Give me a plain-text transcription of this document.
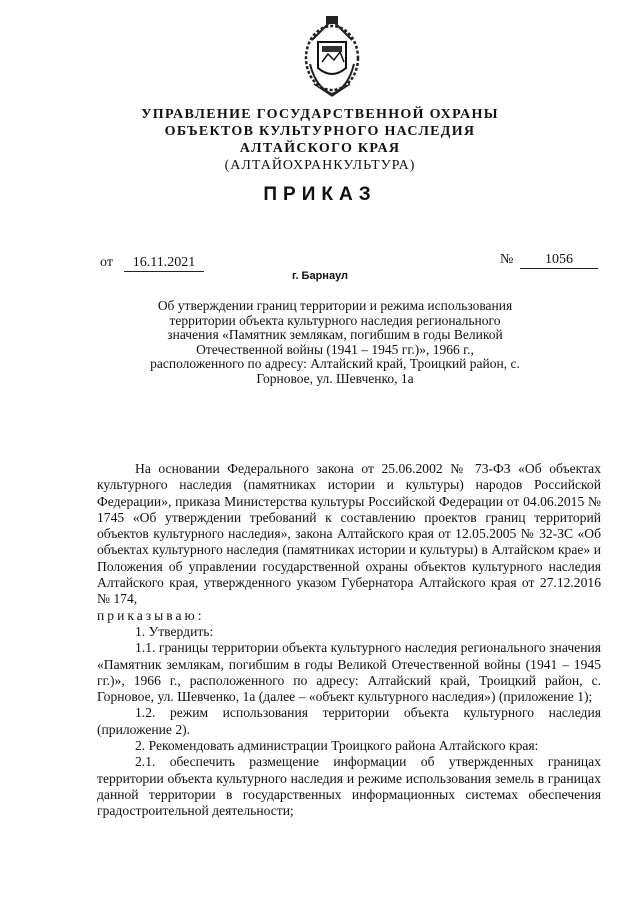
УПРАВЛЕНИЕ ГОСУДАРСТВЕННОЙ ОХРАНЫ
ОБЪЕКТОВ КУЛЬТУРНОГО НАСЛЕДИЯ
АЛТАЙСКОГО КРАЯ
(АЛТАЙОХРАНКУЛЬТУРА)
ПРИКАЗ
от	16.11.2021	№	1056
г. Барнаул
Об утверждении границ территории и режима использования территории объекта культурного наследия регионального значения «Памятник землякам, погибшим в годы Великой Отечественной войны (1941 – 1945 гг.)», 1966 г., расположенного по адресу: Алтайский край, Троицкий район, с. Горновое, ул. Шевченко, 1а

На основании Федерального закона от 25.06.2002 № 73-ФЗ «Об объектах культурного наследия (памятниках истории и культуры) народов Российской Федерации», приказа Министерства культуры Российской Федерации от 04.06.2015 № 1745 «Об утверждении требований к составлению проектов границ территорий объектов культурного наследия», закона Алтайского края от 12.05.2005 № 32-ЗС «Об объектах культурного наследия (памятниках истории и культуры) в Алтайском крае» и Положения об управлении государственной охраны объектов культурного наследия Алтайского края, утвержденного указом Губернатора Алтайского края от 27.12.2016 № 174,

приказываю:

1. Утвердить:

1.1. границы территории объекта культурного наследия регионального значения «Памятник землякам, погибшим в годы Великой Отечественной войны (1941 – 1945 гг.)», 1966 г., расположенного по адресу: Алтайский край, Троицкий район, с. Горновое, ул. Шевченко, 1а (далее – «объект культурного наследия») (приложение 1);

1.2. режим использования территории объекта культурного наследия (приложение 2).

2. Рекомендовать администрации Троицкого района Алтайского края:

2.1. обеспечить размещение информации об утвержденных границах территории объекта культурного наследия и режиме использования земель в границах данной территории в государственных информационных системах обеспечения градостроительной деятельности;
